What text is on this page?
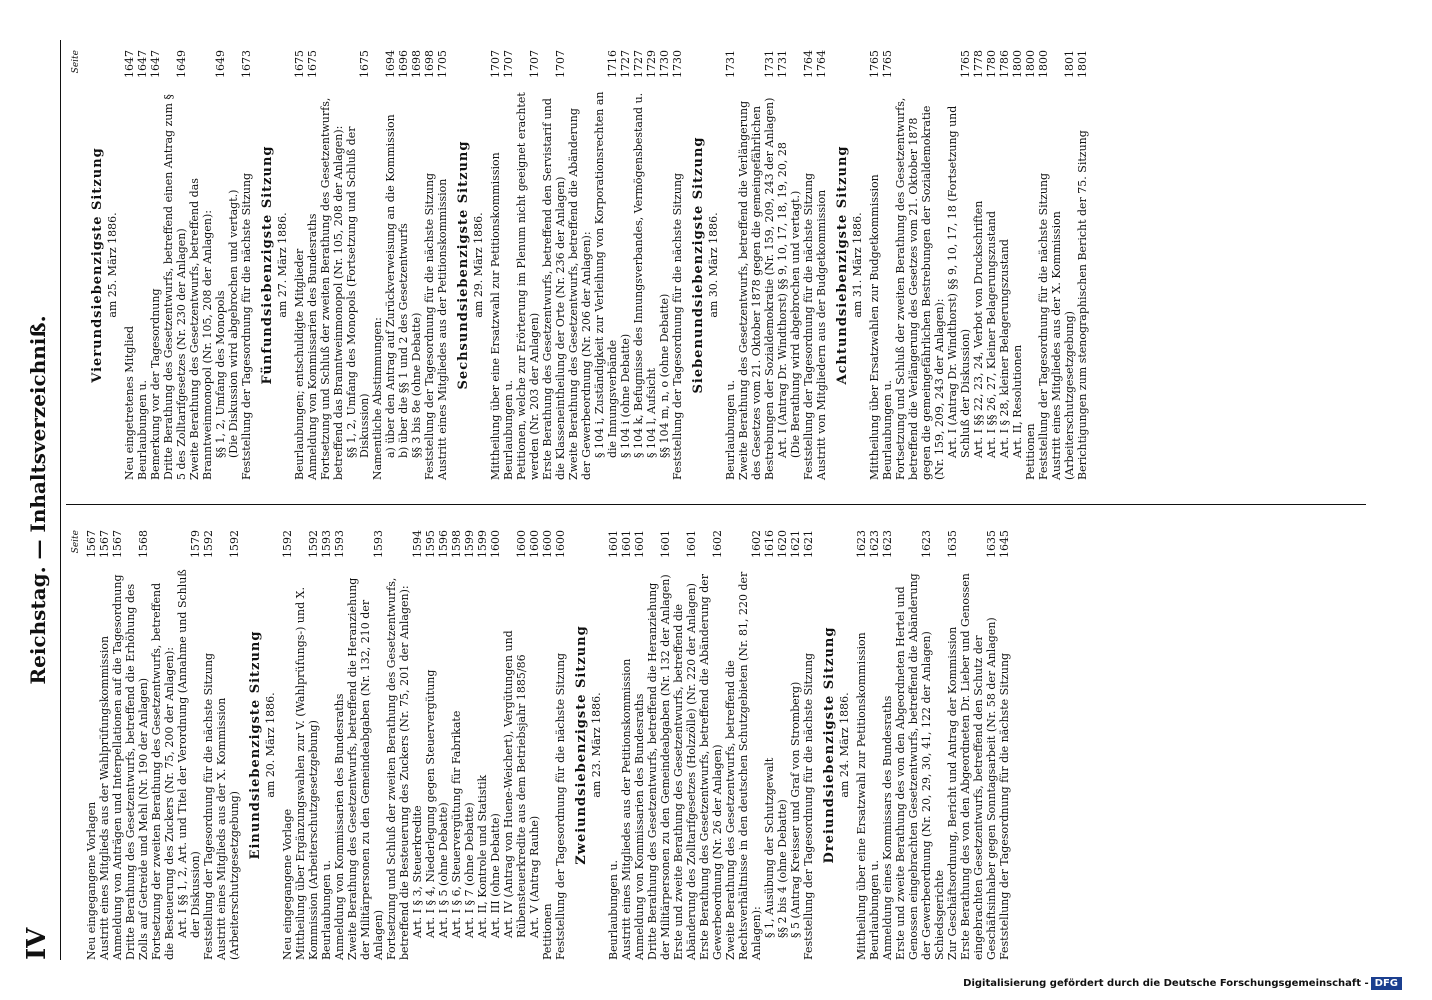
IV
Reichstag. — Inhaltsverzeichniß. Seite
Neu eingegangene Vorlagen
1567
Austritt eines Mitglieds aus der Wahlprüfungskommission
1567
Anmeldung von Anträgen und Interpellationen auf die Tagesordnung
1567
Dritte Berathung des Gesetzentwurfs, betreffend die Erhöhung des Zolls auf Getreide und Mehl (Nr. 190 der Anlagen)
1568
Fortsetzung der zweiten Berathung des Gesetzentwurfs, betreffend die Besteuerung des Zuckers (Nr. 75, 200 der Anlagen): Art. I §§ 1, 2, Art. und Titel der Verordnung (Annahme und Schluß der Diskussion)
1579
Feststellung der Tagesordnung für die nächste Sitzung
1592
Austritt eines Mitglieds aus der X. Kommission (Arbeiterschutzgesetzgebung)
1592
Einundsiebenzigste Sitzung am 20. März 1886.
Neu eingegangene Vorlage
1592
Mittheilung über Ergänzungswahlen zur V. (Wahlprüfungs-) und X. Kommission (Arbeiterschutzgesetzgebung)
1592
Beurlaubungen u.
1593
Anmeldung von Kommissarien des Bundesraths
1593
Zweite Berathung des Gesetzentwurfs, betreffend die Heranziehung der Militärpersonen zu den Gemeindeabgaben (Nr. 132, 210 der Anlagen)
1593
Fortsetzung und Schluß der zweiten Berathung des Gesetzentwurfs, betreffend die Besteuerung des Zuckers (Nr. 75, 201 der Anlagen): Art. I § 3, Steuerkredite
1594
Art. I § 4, Niederlegung gegen Steuervergütung
1595
Art. I § 5 (ohne Debatte)
1596
Art. I § 6, Steuervergütung für Fabrikate
1598
Art. I § 7 (ohne Debatte)
1599
Art. II, Kontrole und Statistik
1599
Art. III (ohne Debatte)
1600
Art. IV (Antrag von Huene-Weichert), Vergütungen und Rübensteuerkredite aus dem Betriebsjahr 1885/86
1600
Art. V (Antrag Rauhe)
1600
Petitionen
1600
Feststellung der Tagesordnung für die nächste Sitzung
1600
Zweiundsiebenzigste Sitzung am 23. März 1886.
Beurlaubungen u.
1601
Austritt eines Mitgliedes aus der Petitionskommission
1601
Anmeldung von Kommissarien des Bundesraths
1601
Dritte Berathung des Gesetzentwurfs, betreffend die Heranziehung der Militärpersonen zu den Gemeindeabgaben (Nr. 132 der Anlagen)
1601
Erste und zweite Berathung des Gesetzentwurfs, betreffend die Abänderung des Zolltarifgesetzes (Holzzölle) (Nr. 220 der Anlagen)
1601
Erste Berathung des Gesetzentwurfs, betreffend die Abänderung der Gewerbeordnung (Nr. 26 der Anlagen)
1602
Zweite Berathung des Gesetzentwurfs, betreffend die Rechtsverhältnisse in den deutschen Schutzgebieten (Nr. 81, 220 der Anlagen):
1602
§ 1, Ausübung der Schutzgewalt
1616
§§ 2 bis 4 (ohne Debatte)
1620
§ 5 (Antrag Kreisser und Graf von Stromberg)
1621
Feststellung der Tagesordnung für die nächste Sitzung
1621
Dreiundsiebenzigste Sitzung am 24. März 1886. Mittheilung über eine Ersatzwahl zur Petitionskommission
1623
Beurlaubungen u.
1623
Anmeldung eines Kommissars des Bundesraths
1623
Erste und zweite Berathung des von den Abgeordneten Hertel und Genossen eingebrachten Gesetzentwurfs, betreffend die Abänderung der Gewerbeordnung (Nr. 20, 29, 30, 41, 122 der Anlagen)
1623
Schiedsgerichte Zur Geschäftsordnung, Bericht und Antrag der Kommission
1635
Erste Berathung des von den Abgeordneten Dr. Lieber und Genossen eingebrachten Gesetzentwurfs, betreffend den Schutz der Geschäftsinhaber gegen Sonntagsarbeit (Nr. 58 der Anlagen)
1635
Feststellung der Tagesordnung für die nächste Sitzung
1645
Seite
Vierundsiebenzigste Sitzung am 25. März 1886.
Neu eingetretenes Mitglied
1647
Beurlaubungen u.
1647
Bemerkung vor der Tagesordnung
1647
Dritte Berathung des Gesetzentwurfs, betreffend einen Antrag zum § 5 des Zolltarifgesetzes (Nr. 230 der Anlagen)
1649
Zweite Berathung des Gesetzentwurfs, betreffend das Branntweinmonopol (Nr. 105, 208 der Anlagen): §§ 1, 2, Umfang des Monopols
1649
(Die Diskussion wird abgebrochen und vertagt.) Feststellung der Tagesordnung für die nächste Sitzung
1673
Fünfundsiebenzigste Sitzung am 27. März 1886. Beurlaubungen; entschuldigte Mitglieder
1675
Anmeldung von Kommissarien des Bundesraths
1675
Fortsetzung und Schluß der zweiten Berathung des Gesetzentwurfs, betreffend das Branntweinmonopol (Nr. 105, 208 der Anlagen): §§ 1, 2, Umfang des Monopols (Fortsetzung und Schluß der Diskussion)
1675
Namentliche Abstimmungen: a) über den Antrag auf Zurückverweisung an die Kommission
1694
b) über die §§ 1 und 2 des Gesetzentwurfs
1696
§§ 3 bis 8e (ohne Debatte)
1698
Feststellung der Tagesordnung für die nächste Sitzung
1698
Austritt eines Mitgliedes aus der Petitionskommission
1705
Sechsundsiebenzigste Sitzung am 29. März 1886. Mittheilung über eine Ersatzwahl zur Petitionskommission
1707
Beurlaubungen u.
1707
Petitionen, welche zur Erörterung im Plenum nicht geeignet erachtet werden (Nr. 203 der Anlagen)
1707
Erste Berathung des Gesetzentwurfs, betreffend den Servistarif und die Klasseneintheilung der Orte (Nr. 236 der Anlagen)
1707
Zweite Berathung des Gesetzentwurfs, betreffend die Abänderung der Gewerbeordnung (Nr. 206 der Anlagen): § 104 i, Zuständigkeit zur Verleihung von Korporationsrechten an die Innungsverbände
1716
§ 104 i (ohne Debatte)
1727
§ 104 k, Befugnisse des Innungsverbandes, Vermögensbestand u.
1727
§ 104 l, Aufsicht
1729
§§ 104 m, n, o (ohne Debatte)
1730
Feststellung der Tagesordnung für die nächste Sitzung
1730
Siebenundsiebenzigste Sitzung am 30. März 1886.
Beurlaubungen u.
1731
Zweite Berathung des Gesetzentwurfs, betreffend die Verlängerung des Gesetzes vom 21. Oktober 1878 gegen die gemeingefährlichen Bestrebungen der Sozialdemokratie (Nr. 159, 209, 243 der Anlagen)
1731
Art. I (Antrag Dr. Windthorst) §§ 9, 10, 17, 18, 19, 20, 28
1731
(Die Berathung wird abgebrochen und vertagt.) Feststellung der Tagesordnung für die nächste Sitzung
1764
Austritt von Mitgliedern aus der Budgetkommission
1764
Achtundsiebenzigste Sitzung am 31. März 1886. Mittheilung über Ersatzwahlen zur Budgetkommission
1765
Beurlaubungen u.
1765
Fortsetzung und Schluß der zweiten Berathung des Gesetzentwurfs, betreffend die Verlängerung des Gesetzes vom 21. Oktober 1878 gegen die gemeingefährlichen Bestrebungen der Sozialdemokratie (Nr. 159, 209, 243 der Anlagen): Art. I (Antrag Dr. Windthorst) §§ 9, 10, 17, 18 (Fortsetzung und Schluß der Diskussion)
1765
Art. I §§ 22, 23, 24, Verbot von Druckschriften
1778
Art. I §§ 26, 27, Kleiner Belagerungszustand
1780
Art. I § 28, kleiner Belagerungszustand
1786
Art. II, Resolutionen
1800
Petitionen
1800
Feststellung der Tagesordnung für die nächste Sitzung
1800
Austritt eines Mitgliedes aus der X. Kommission (Arbeiterschutzgesetzgebung)
1801
Berichtigungen zum stenographischen Bericht der 75. Sitzung
1801
Digitalisierung gefördert durch die Deutsche Forschungsgemeinschaft - DFG
